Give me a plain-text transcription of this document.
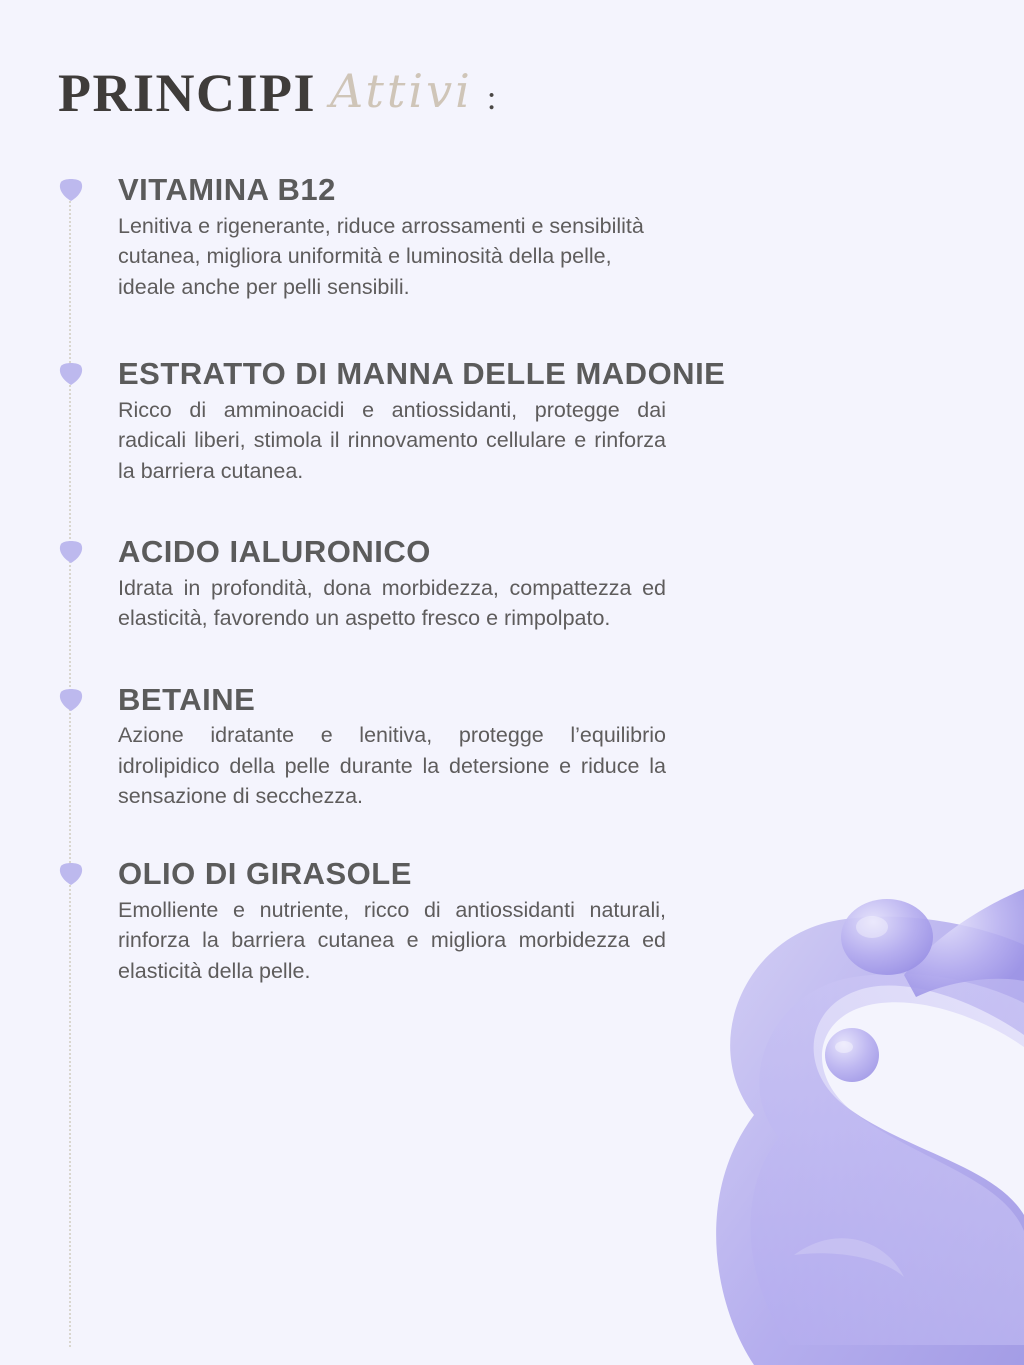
PRINCIPI Attivi :
VITAMINA B12
Lenitiva e rigenerante, riduce arrossamenti e sensibilità cutanea, migliora uniformità e luminosità della pelle, ideale anche per pelli sensibili.
ESTRATTO DI MANNA DELLE MADONIE
Ricco di amminoacidi e antiossidanti, protegge dai radicali liberi, stimola il rinnovamento cellulare e rinforza la barriera cutanea.
ACIDO IALURONICO
Idrata in profondità, dona morbidezza, compattezza ed elasticità, favorendo un aspetto fresco e rimpolpato.
BETAINE
Azione idratante e lenitiva, protegge l’equilibrio idrolipidico della pelle durante la detersione e riduce la sensazione di secchezza.
OLIO DI GIRASOLE
Emolliente e nutriente, ricco di antiossidanti naturali, rinforza la barriera cutanea e migliora morbidezza ed elasticità della pelle.
